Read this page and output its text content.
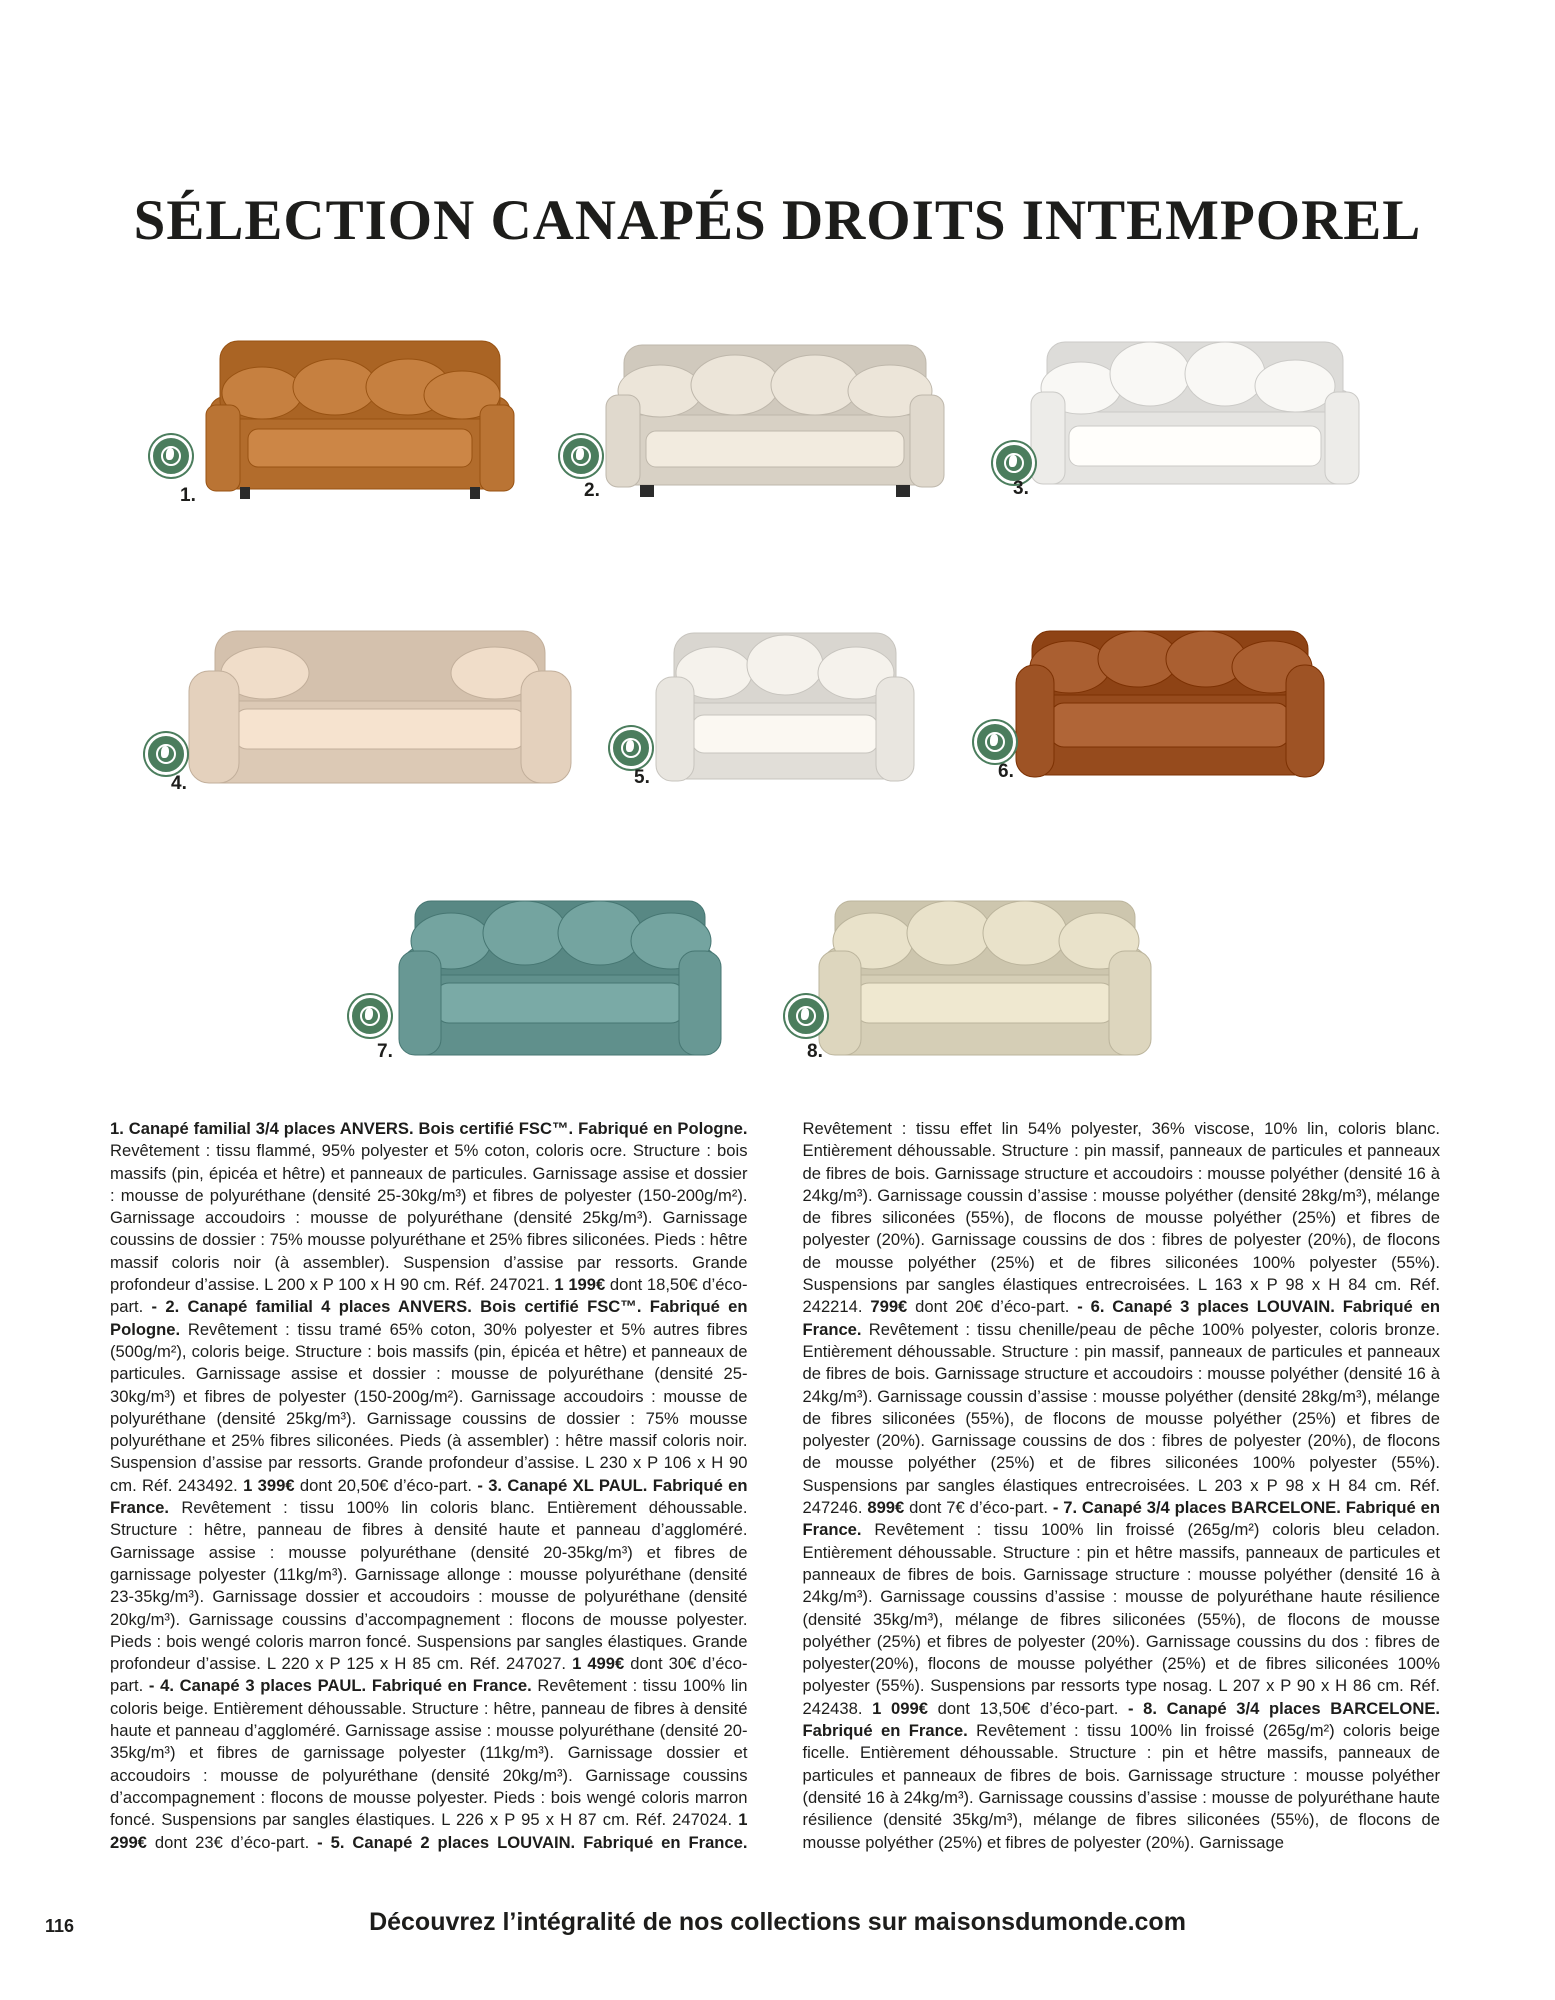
SÉLECTION CANAPÉS DROITS INTEMPOREL
1.	2.	3.
4.	5.	6.
7.	8.
1. Canapé familial 3/4 places ANVERS. Bois certifié FSC™. Fabriqué en Pologne. Revêtement : tissu flammé, 95% polyester et 5% coton, coloris ocre. Structure : bois massifs (pin, épicéa et hêtre) et panneaux de particules. Garnissage assise et dossier : mousse de polyuréthane (densité 25-30kg/m³) et fibres de polyester (150-200g/m²). Garnissage accoudoirs : mousse de polyuréthane (densité 25kg/m³). Garnissage coussins de dossier : 75% mousse polyuréthane et 25% fibres siliconées. Pieds : hêtre massif coloris noir (à assembler). Suspension d’assise par ressorts. Grande profondeur d’assise. L 200 x P 100 x H 90 cm. Réf. 247021. 1 199€ dont 18,50€ d’éco-part. - 2. Canapé familial 4 places ANVERS. Bois certifié FSC™. Fabriqué en Pologne. Revêtement : tissu tramé 65% coton, 30% polyester et 5% autres fibres (500g/m²), coloris beige. Structure : bois massifs (pin, épicéa et hêtre) et panneaux de particules. Garnissage assise et dossier : mousse de polyuréthane (densité 25-30kg/m³) et fibres de polyester (150-200g/m²). Garnissage accoudoirs : mousse de polyuréthane (densité 25kg/m³). Garnissage coussins de dossier : 75% mousse polyuréthane et 25% fibres siliconées. Pieds (à assembler) : hêtre massif coloris noir. Suspension d’assise par ressorts. Grande profondeur d’assise. L 230 x P 106 x H 90 cm. Réf. 243492. 1 399€ dont 20,50€ d’éco-part. - 3. Canapé XL PAUL. Fabriqué en France. Revêtement : tissu 100% lin coloris blanc. Entièrement déhoussable. Structure : hêtre, panneau de fibres à densité haute et panneau d’aggloméré. Garnissage assise : mousse polyuréthane (densité 20-35kg/m³) et fibres de garnissage polyester (11kg/m³). Garnissage allonge : mousse polyuréthane (densité 23-35kg/m³). Garnissage dossier et accoudoirs : mousse de polyuréthane (densité 20kg/m³). Garnissage coussins d’accompagnement : flocons de mousse polyester. Pieds : bois wengé coloris marron foncé. Suspensions par sangles élastiques. Grande profondeur d’assise. L 220 x P 125 x H 85 cm. Réf. 247027. 1 499€ dont 30€ d’éco-part. - 4. Canapé 3 places PAUL. Fabriqué en France. Revêtement : tissu 100% lin coloris beige. Entièrement déhoussable. Structure : hêtre, panneau de fibres à densité haute et panneau d’aggloméré. Garnissage assise : mousse polyuréthane (densité 20-35kg/m³) et fibres de garnissage polyester (11kg/m³). Garnissage dossier et accoudoirs : mousse de polyuréthane (densité 20kg/m³). Garnissage coussins d’accompagnement : flocons de mousse polyester. Pieds : bois wengé coloris marron foncé. Suspensions par sangles élastiques. L 226 x P 95 x H 87 cm. Réf. 247024. 1 299€ dont 23€ d’éco-part. - 5. Canapé 2 places LOUVAIN. Fabriqué en France. Revêtement : tissu effet lin 54% polyester, 36% viscose, 10% lin, coloris blanc. Entièrement déhoussable. Structure : pin massif, panneaux de particules et panneaux de fibres de bois. Garnissage structure et accoudoirs : mousse polyéther (densité 16 à 24kg/m³). Garnissage coussin d’assise : mousse polyéther (densité 28kg/m³), mélange de fibres siliconées (55%), de flocons de mousse polyéther (25%) et fibres de polyester (20%). Garnissage coussins de dos : fibres de polyester (20%), de flocons de mousse polyéther (25%) et de fibres siliconées 100% polyester (55%). Suspensions par sangles élastiques entrecroisées. L 163 x P 98 x H 84 cm. Réf. 242214. 799€ dont 20€ d’éco-part. - 6. Canapé 3 places LOUVAIN. Fabriqué en France. Revêtement : tissu chenille/peau de pêche 100% polyester, coloris bronze. Entièrement déhoussable. Structure : pin massif, panneaux de particules et panneaux de fibres de bois. Garnissage structure et accoudoirs : mousse polyéther (densité 16 à 24kg/m³). Garnissage coussin d’assise : mousse polyéther (densité 28kg/m³), mélange de fibres siliconées (55%), de flocons de mousse polyéther (25%) et fibres de polyester (20%). Garnissage coussins de dos : fibres de polyester (20%), de flocons de mousse polyéther (25%) et de fibres siliconées 100% polyester (55%). Suspensions par sangles élastiques entrecroisées. L 203 x P 98 x H 84 cm. Réf. 247246. 899€ dont 7€ d’éco-part. - 7. Canapé 3/4 places BARCELONE. Fabriqué en France. Revêtement : tissu 100% lin froissé (265g/m²) coloris bleu celadon. Entièrement déhoussable. Structure : pin et hêtre massifs, panneaux de particules et panneaux de fibres de bois. Garnissage structure : mousse polyéther (densité 16 à 24kg/m³). Garnissage coussins d’assise : mousse de polyuréthane haute résilience (densité 35kg/m³), mélange de fibres siliconées (55%), de flocons de mousse polyéther (25%) et fibres de polyester (20%). Garnissage coussins du dos : fibres de polyester(20%), flocons de mousse polyéther (25%) et de fibres siliconées 100% polyester (55%). Suspensions par ressorts type nosag. L 207 x P 90 x H 86 cm. Réf. 242438. 1 099€ dont 13,50€ d’éco-part. - 8. Canapé 3/4 places BARCELONE. Fabriqué en France. Revêtement : tissu 100% lin froissé (265g/m²) coloris beige ficelle. Entièrement déhoussable. Structure : pin et hêtre massifs, panneaux de particules et panneaux de fibres de bois. Garnissage structure : mousse polyéther (densité 16 à 24kg/m³). Garnissage coussins d’assise : mousse de polyuréthane haute résilience (densité 35kg/m³), mélange de fibres siliconées (55%), de flocons de mousse polyéther (25%) et fibres de polyester (20%). Garnissage
116	Découvrez l’intégralité de nos collections sur maisonsdumonde.com
